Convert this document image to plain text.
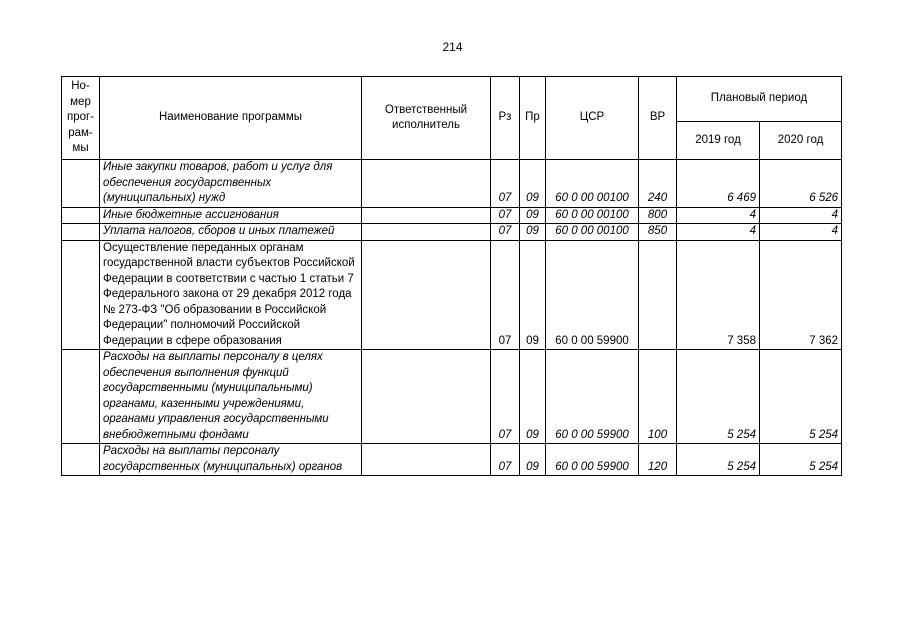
214
Но-мер прог-рам-мы	Наименование программы	Ответственный исполнитель	Рз	Пр	ЦСР	ВР	Плановый период	
							2019 год	2020 год
	Иные закупки товаров, работ и услуг для обеспечения государственных (муниципальных) нужд		07	09	60 0 00 00100	240	6 469	6 526
	Иные бюджетные ассигнования		07	09	60 0 00 00100	800	4	4
	Уплата налогов, сборов и иных платежей		07	09	60 0 00 00100	850	4	4
	Осуществление переданных органам государственной власти субъектов Российской Федерации в соответствии с частью 1 статьи 7 Федерального закона от 29 декабря 2012 года № 273-ФЗ "Об образовании в Российской Федерации" полномочий Российской Федерации в сфере образования		07	09	60 0 00 59900		7 358	7 362
	Расходы на выплаты персоналу в целях обеспечения выполнения функций государственными (муниципальными) органами, казенными учреждениями, органами управления государственными внебюджетными фондами		07	09	60 0 00 59900	100	5 254	5 254
	Расходы на выплаты персоналу государственных (муниципальных) органов		07	09	60 0 00 59900	120	5 254	5 254
